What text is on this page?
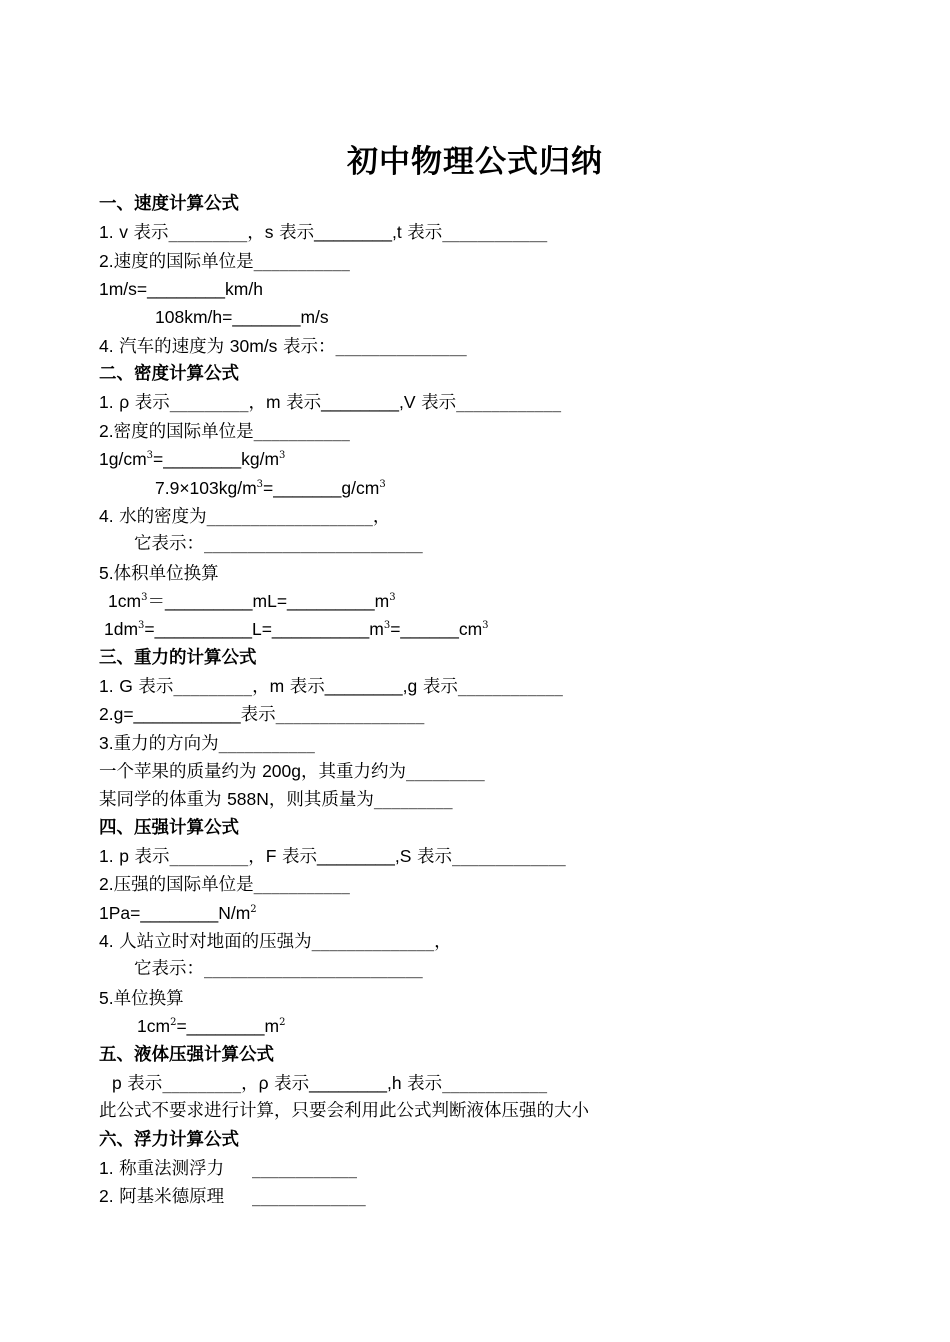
初中物理公式归纳
一、速度计算公式
1. v 表示_________，s 表示________,t 表示____________
2.速度的国际单位是___________
1m/s=________km/h
108km/h=_______m/s
4. 汽车的速度为 30m/s 表示：_______________
二、密度计算公式
1. ρ 表示_________，m 表示________,V 表示____________
2.密度的国际单位是___________
$1g/cm^3=\_\_\_\_\_\_\_\_kg/m^3$
$7.9\times 103kg/m^3=\_\_\_\_\_\_\_g/cm^3$
4. 水的密度为___________________，
它表示：_________________________
5.体积单位换算
$1cm^3=\_\_\_\_\_\_\_\_\_mL=\_\_\_\_\_\_\_\_\_m^3$
$1dm^3=\_\_\_\_\_\_\_\_\_\_L=\_\_\_\_\_\_\_\_\_\_m^3=\_\_\_\_\_\_cm^3$
三、重力的计算公式
1. G 表示_________，m 表示________,g 表示____________
2.g=___________表示_________________
3.重力的方向为___________
一个苹果的质量约为 200g，其重力约为_________
某同学的体重为 588N，则其质量为_________
四、压强计算公式
1. p 表示_________，F 表示________,S 表示_____________
2.压强的国际单位是___________
$1Pa=\_\_\_\_\_\_\_\_N/m^2$
4. 人站立时对地面的压强为______________，
它表示：_________________________
5.单位换算
$1cm^2=\_\_\_\_\_\_\_\_m^2$
五、液体压强计算公式
p 表示_________，ρ 表示________,h 表示____________
此公式不要求进行计算，只要会利用此公式判断液体压强的大小
六、浮力计算公式
1. 称重法测浮力     ____________
2. 阿基米德原理     _____________
